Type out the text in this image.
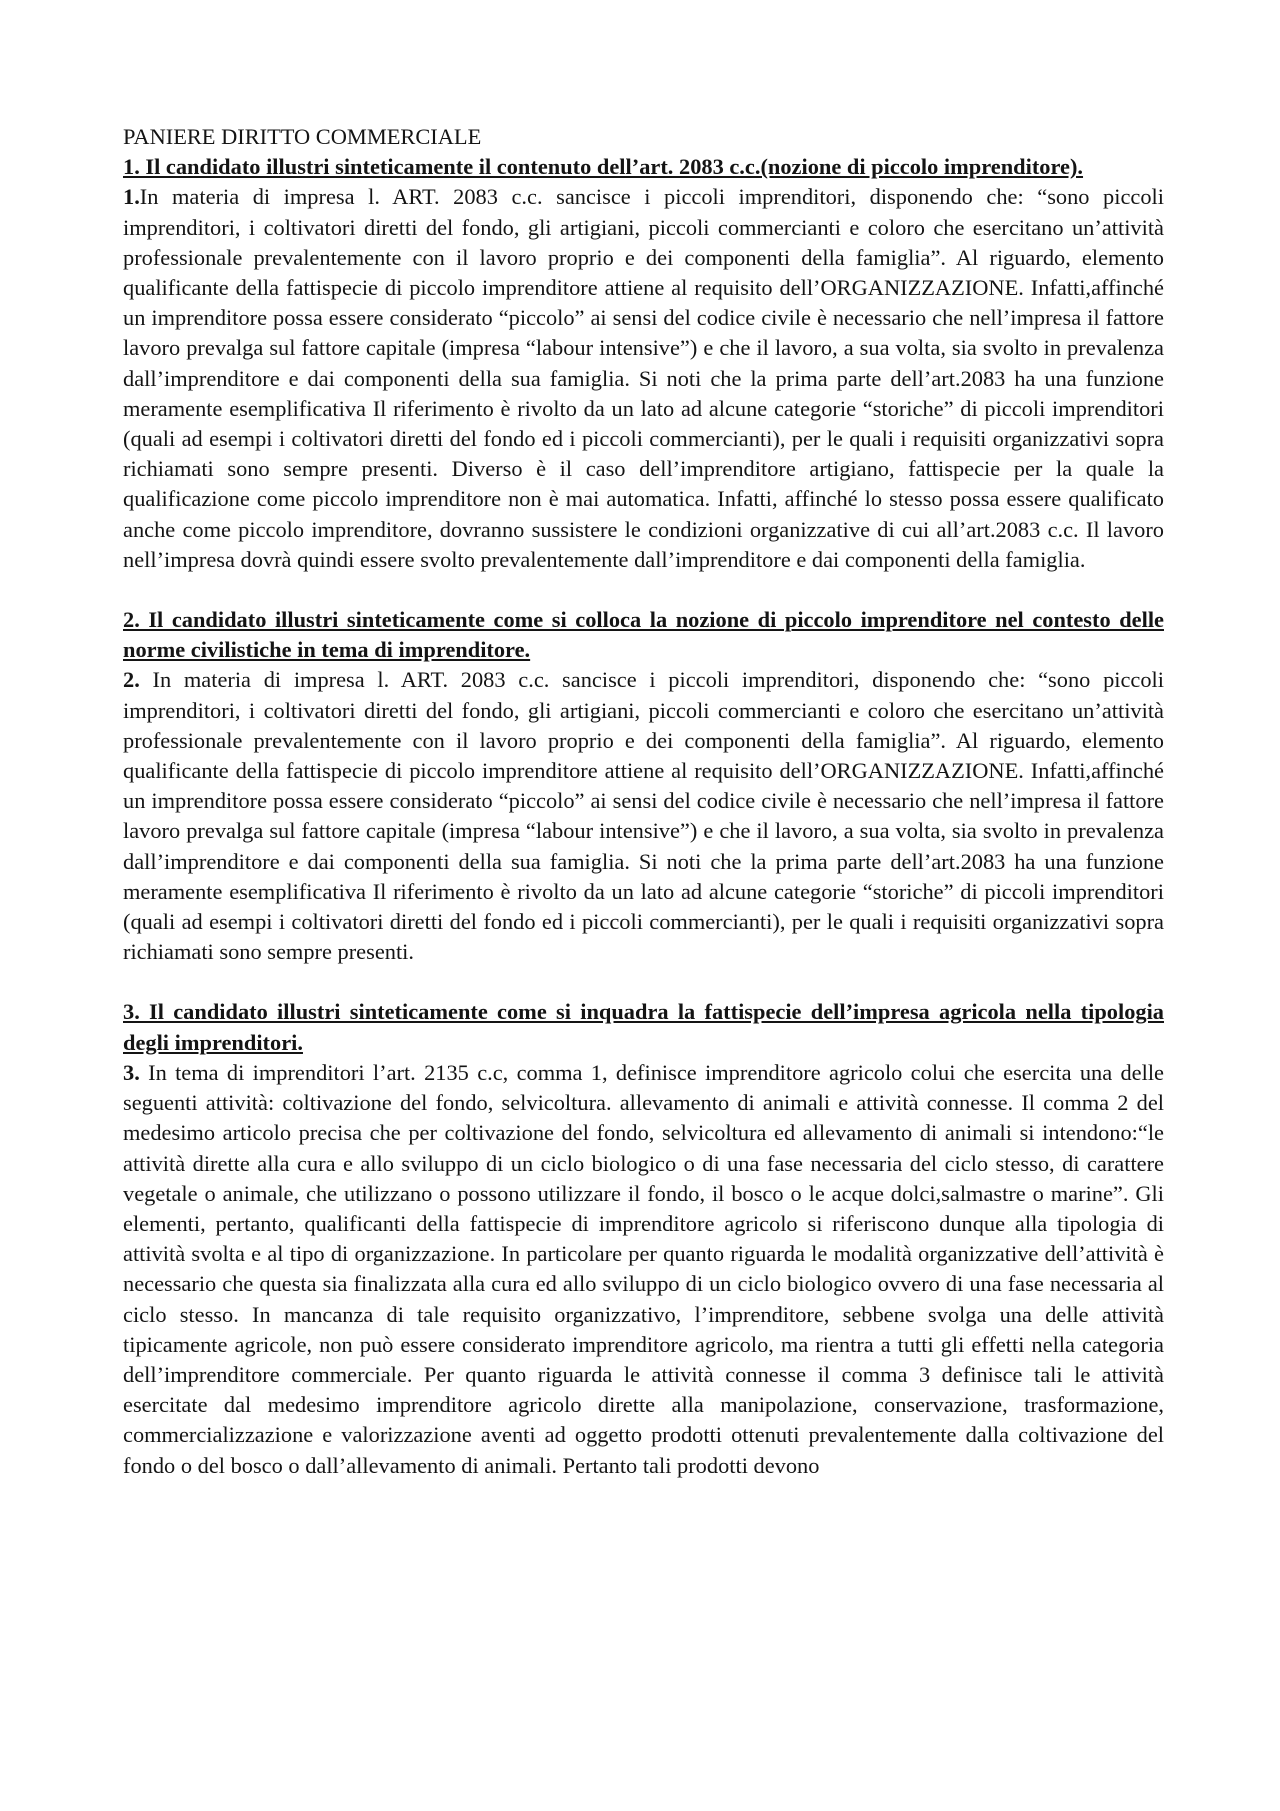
PANIERE DIRITTO COMMERCIALE

1. Il candidato illustri sinteticamente il contenuto dell’art. 2083 c.c.(nozione di piccolo imprenditore).

1.In materia di impresa l. ART. 2083 c.c. sancisce i piccoli imprenditori, disponendo che: “sono piccoli imprenditori, i coltivatori diretti del fondo, gli artigiani, piccoli commercianti e coloro che esercitano un’attività professionale prevalentemente con il lavoro proprio e dei componenti della famiglia”. Al riguardo, elemento qualificante della fattispecie di piccolo imprenditore attiene al requisito dell’ORGANIZZAZIONE. Infatti,affinché un imprenditore possa essere considerato “piccolo” ai sensi del codice civile è necessario che nell’impresa il fattore lavoro prevalga sul fattore capitale (impresa “labour intensive”) e che il lavoro, a sua volta, sia svolto in prevalenza dall’imprenditore e dai componenti della sua famiglia. Si noti che la prima parte dell’art.2083 ha una funzione meramente esemplificativa Il riferimento è rivolto da un lato ad alcune categorie “storiche” di piccoli imprenditori (quali ad esempi i coltivatori diretti del fondo ed i piccoli commercianti), per le quali i requisiti organizzativi sopra richiamati sono sempre presenti. Diverso è il caso dell’imprenditore artigiano, fattispecie per la quale la qualificazione come piccolo imprenditore non è mai automatica. Infatti, affinché lo stesso possa essere qualificato anche come piccolo imprenditore, dovranno sussistere le condizioni organizzative di cui all’art.2083 c.c. Il lavoro nell’impresa dovrà quindi essere svolto prevalentemente dall’imprenditore e dai componenti della famiglia.

2. Il candidato illustri sinteticamente come si colloca la nozione di piccolo imprenditore nel contesto delle norme civilistiche in tema di imprenditore.

2. In materia di impresa l. ART. 2083 c.c. sancisce i piccoli imprenditori, disponendo che: “sono piccoli imprenditori, i coltivatori diretti del fondo, gli artigiani, piccoli commercianti e coloro che esercitano un’attività professionale prevalentemente con il lavoro proprio e dei componenti della famiglia”. Al riguardo, elemento qualificante della fattispecie di piccolo imprenditore attiene al requisito dell’ORGANIZZAZIONE. Infatti,affinché un imprenditore possa essere considerato “piccolo” ai sensi del codice civile è necessario che nell’impresa il fattore lavoro prevalga sul fattore capitale (impresa “labour intensive”) e che il lavoro, a sua volta, sia svolto in prevalenza dall’imprenditore e dai componenti della sua famiglia. Si noti che la prima parte dell’art.2083 ha una funzione meramente esemplificativa Il riferimento è rivolto da un lato ad alcune categorie “storiche” di piccoli imprenditori (quali ad esempi i coltivatori diretti del fondo ed i piccoli commercianti), per le quali i requisiti organizzativi sopra richiamati sono sempre presenti.

3. Il candidato illustri sinteticamente come si inquadra la fattispecie dell’impresa agricola nella tipologia degli imprenditori.

3. In tema di imprenditori l’art. 2135 c.c, comma 1, definisce imprenditore agricolo colui che esercita una delle seguenti attività: coltivazione del fondo, selvicoltura. allevamento di animali e attività connesse. Il comma 2 del medesimo articolo precisa che per coltivazione del fondo, selvicoltura ed allevamento di animali si intendono:“le attività dirette alla cura e allo sviluppo di un ciclo biologico o di una fase necessaria del ciclo stesso, di carattere vegetale o animale, che utilizzano o possono utilizzare il fondo, il bosco o le acque dolci,salmastre o marine”. Gli elementi, pertanto, qualificanti della fattispecie di imprenditore agricolo si riferiscono dunque alla tipologia di attività svolta e al tipo di organizzazione. In particolare per quanto riguarda le modalità organizzative dell’attività è necessario che questa sia finalizzata alla cura ed allo sviluppo di un ciclo biologico ovvero di una fase necessaria al ciclo stesso. In mancanza di tale requisito organizzativo, l’imprenditore, sebbene svolga una delle attività tipicamente agricole, non può essere considerato imprenditore agricolo, ma rientra a tutti gli effetti nella categoria dell’imprenditore commerciale. Per quanto riguarda le attività connesse il comma 3 definisce tali le attività esercitate dal medesimo imprenditore agricolo dirette alla manipolazione, conservazione, trasformazione, commercializzazione e valorizzazione aventi ad oggetto prodotti ottenuti prevalentemente dalla coltivazione del fondo o del bosco o dall’allevamento di animali. Pertanto tali prodotti devono
